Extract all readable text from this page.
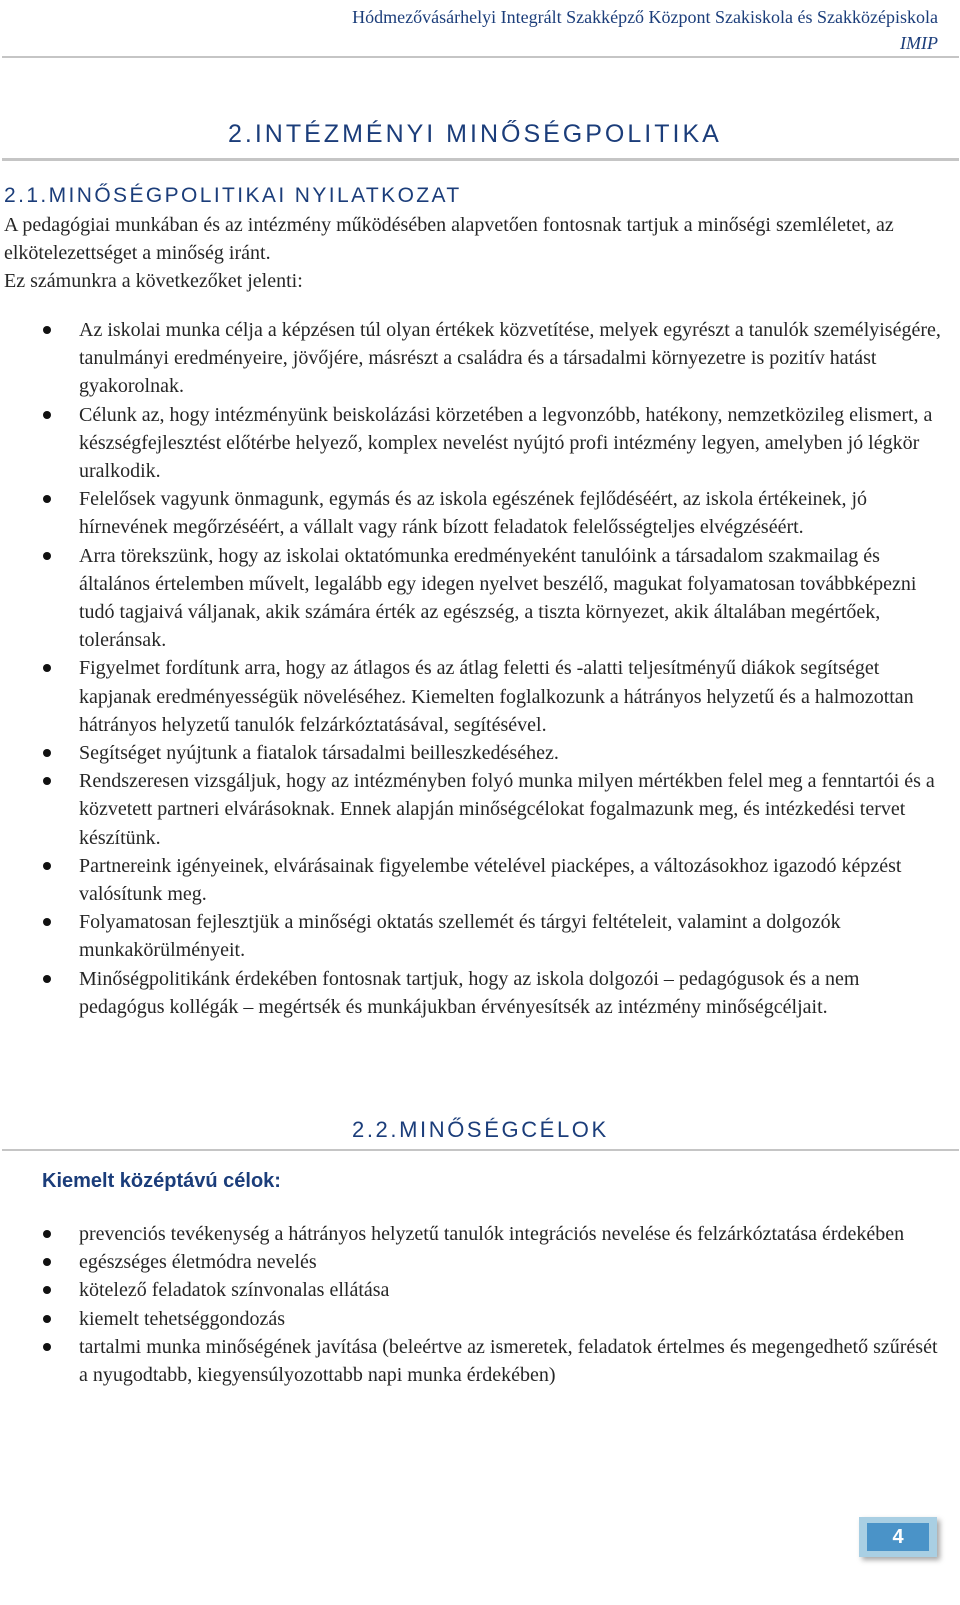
Hódmezővásárhelyi Integrált Szakképző Központ Szakiskola és Szakközépiskola
IMIP
2.INTÉZMÉNYI MINŐSÉGPOLITIKA
2.1.MINŐSÉGPOLITIKAI NYILATKOZAT

A pedagógiai munkában és az intézmény működésében alapvetően fontosnak tartjuk a minőségi szemléletet, az elkötelezettséget a minőség iránt.

Ez számunkra a következőket jelenti:

Az iskolai munka célja a képzésen túl olyan értékek közvetítése, melyek egyrészt a tanulók személyiségére, tanulmányi eredményeire, jövőjére, másrészt a családra és a társadalmi környezetre is pozitív hatást gyakorolnak.
Célunk az, hogy intézményünk beiskolázási körzetében a legvonzóbb, hatékony, nemzetközileg elismert, a készségfejlesztést előtérbe helyező, komplex nevelést nyújtó profi intézmény legyen, amelyben jó légkör uralkodik.
Felelősek vagyunk önmagunk, egymás és az iskola egészének fejlődéséért, az iskola értékeinek, jó hírnevének megőrzéséért, a vállalt vagy ránk bízott feladatok felelősségteljes elvégzéséért.
Arra törekszünk, hogy az iskolai oktatómunka eredményeként tanulóink a társadalom szakmailag és általános értelemben művelt, legalább egy idegen nyelvet beszélő, magukat folyamatosan továbbképezni tudó tagjaivá váljanak, akik számára érték az egészség, a tiszta környezet, akik általában megértőek, toleránsak.
Figyelmet fordítunk arra, hogy az átlagos és az átlag feletti és -alatti teljesítményű diákok segítséget kapjanak eredményességük növeléséhez. Kiemelten foglalkozunk a hátrányos helyzetű és a halmozottan hátrányos helyzetű tanulók felzárkóztatásával, segítésével.
Segítséget nyújtunk a fiatalok társadalmi beilleszkedéséhez.
Rendszeresen vizsgáljuk, hogy az intézményben folyó munka milyen mértékben felel meg a fenntartói és a közvetett partneri elvárásoknak. Ennek alapján minőségcélokat fogalmazunk meg, és intézkedési tervet készítünk.
Partnereink igényeinek, elvárásainak figyelembe vételével piacképes, a változásokhoz igazodó képzést valósítunk meg.
Folyamatosan fejlesztjük a minőségi oktatás szellemét és tárgyi feltételeit, valamint a dolgozók munkakörülményeit.
Minőségpolitikánk érdekében fontosnak tartjuk, hogy az iskola dolgozói – pedagógusok és a nem pedagógus kollégák – megértsék és munkájukban érvényesítsék az intézmény minőségcéljait.
2.2.MINŐSÉGCÉLOK
Kiemelt középtávú célok:
prevenciós tevékenység a hátrányos helyzetű tanulók integrációs nevelése és felzárkóztatása érdekében
egészséges életmódra nevelés
kötelező feladatok színvonalas ellátása
kiemelt tehetséggondozás
tartalmi munka minőségének javítása (beleértve az ismeretek, feladatok értelmes és megengedhető szűrését a nyugodtabb, kiegyensúlyozottabb napi munka érdekében)
4
